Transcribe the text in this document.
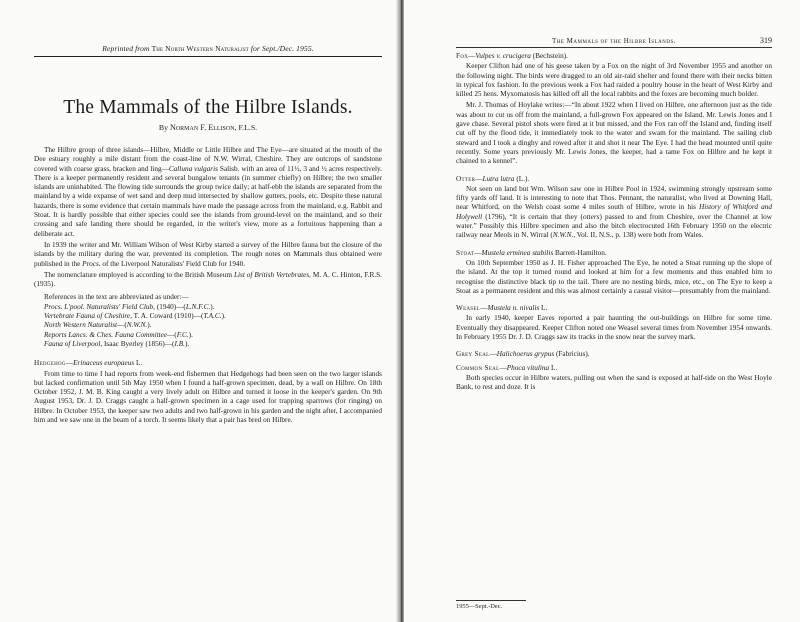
Reprinted from The North Western Naturalist for Sept./Dec. 1955.
The Mammals of the Hilbre Islands.
By Norman F. Ellison, F.L.S.

The Hilbre group of three islands—Hilbre, Middle or Little Hilbre and The Eye—are situated at the mouth of the Dee estuary roughly a mile distant from the coast-line of N.W. Wirral, Cheshire. They are outcrops of sandstone covered with coarse grass, bracken and ling—Calluna vulgaris Salisb. with an area of 11½, 3 and ½ acres respectively. There is a keeper permanently resident and several bungalow tenants (in summer chiefly) on Hilbre; the two smaller islands are uninhabited. The flowing tide surrounds the group twice daily; at half-ebb the islands are separated from the mainland by a wide expanse of wet sand and deep mud intersected by shallow gutters, pools, etc. Despite these natural hazards, there is some evidence that certain mammals have made the passage across from the mainland, e.g. Rabbit and Stoat. It is hardly possible that either species could see the islands from ground-level on the mainland, and so their crossing and safe landing there should be regarded, in the writer's view, more as a fortuitous happening than a deliberate act.

In 1939 the writer and Mr. William Wilson of West Kirby started a survey of the Hilbre fauna but the closure of the islands by the military during the war, prevented its completion. The rough notes on Mammals thus obtained were published in the Procs. of the Liverpool Naturalists' Field Club for 1940.

The nomenclature employed is according to the British Museum List of British Vertebrates, M. A. C. Hinton, F.R.S. (1935).

References in the text are abbreviated as under:—
Procs. L'pool. Naturalists' Field Club, (1940)—(L.N.F.C.).
Vertebrate Fauna of Cheshire, T. A. Coward (1910)—(T.A.C.).
North Western Naturalist—(N.W.N.).
Reports Lancs. & Ches. Fauna Committee—(F.C.).
Fauna of Liverpool, Isaac Byerley (1856)—(I.B.).
Hedgehog—Erinaceus europaeus L.

From time to time I had reports from week-end fishermen that Hedgehogs had been seen on the two larger islands but lacked confirmation until 5th May 1950 when I found a half-grown specimen, dead, by a wall on Hilbre. On 18th October 1952, J. M. B. King caught a very lively adult on Hilbre and turned it loose in the keeper's garden. On 9th August 1953, Dr. J. D. Craggs caught a half-grown specimen in a cage used for trapping sparrows (for ringing) on Hilbre. In October 1953, the keeper saw two adults and two half-grown in his garden and the night after, I accompanied him and we saw one in the beam of a torch. It seems likely that a pair has bred on Hilbre.

The Mammals of the Hilbre Islands.	319
Fox—Vulpes v. crucigera (Bechstein).

Keeper Clifton had one of his geese taken by a Fox on the night of 3rd November 1955 and another on the following night. The birds were dragged to an old air-raid shelter and found there with their necks bitten in typical fox fashion. In the previous week a Fox had raided a poultry house in the heart of West Kirby and killed 25 hens. Myxomatosis has killed off all the local rabbits and the foxes are becoming much bolder.

Mr. J. Thomas of Hoylake writes:—“In about 1922 when I lived on Hilbre, one afternoon just as the tide was about to cut us off from the mainland, a full-grown Fox appeared on the Island. Mr. Lewis Jones and I gave chase. Several pistol shots were fired at it but missed, and the Fox ran off the Island and, finding itself cut off by the flood tide, it immediately took to the water and swam for the mainland. The sailing club steward and I took a dinghy and rowed after it and shot it near The Eye. I had the head mounted until quite recently. Some years previously Mr. Lewis Jones, the keeper, had a tame Fox on Hilbre and he kept it chained to a kennel”.

Otter—Lutra lutra (L.).

Not seen on land but Wm. Wilson saw one in Hilbre Pool in 1924, swimming strongly upstream some fifty yards off land. It is interesting to note that Thos. Pennant, the naturalist, who lived at Downing Hall, near Whitford, on the Welsh coast some 4 miles south of Hilbre, wrote in his History of Whitford and Holywell (1796), “It is certain that they (otters) passed to and from Cheshire, over the Channel at low water.” Possibly this Hilbre specimen and also the bitch electrocuted 16th February 1950 on the electric railway near Meols in N. Wirral (N.W.N., Vol. II, N.S., p. 138) were both from Wales.

Stoat—Mustela erminea stabilis Barrett-Hamilton.

On 10th September 1950 as J. H. Fisher approached The Eye, he noted a Stoat running up the slope of the island. At the top it turned round and looked at him for a few moments and thus enabled him to recognise the distinctive black tip to the tail. There are no nesting birds, mice, etc., on The Eye to keep a Stoat as a permanent resident and this was almost certainly a casual visitor—presumably from the mainland.

Weasel—Mustela n. nivalis L.

In early 1940, keeper Eaves reported a pair haunting the out-buildings on Hilbre for some time. Eventually they disappeared. Keeper Clifton noted one Weasel several times from November 1954 onwards. In February 1955 Dr. J. D. Craggs saw its tracks in the snow near the survey mark.

Grey Seal—Halichoerus grypus (Fabricius).
Common Seal—Phoca vitulina L.

Both species occur in Hilbre waters, pulling out when the sand is exposed at half-tide on the West Hoyle Bank, to rest and doze. It is

1955—Sept.-Dec.
